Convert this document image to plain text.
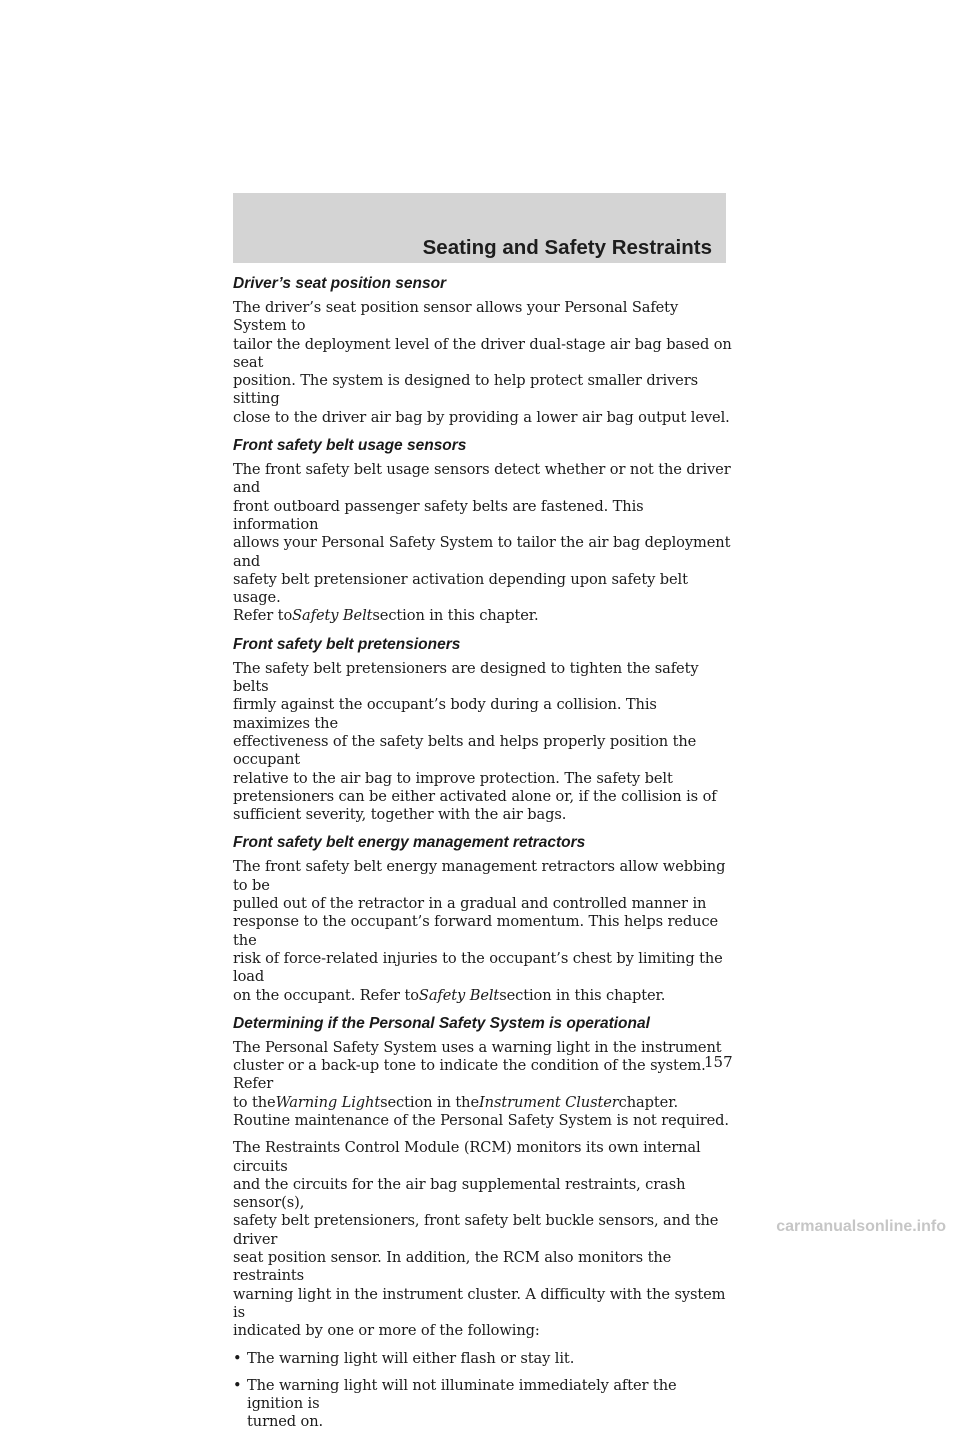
Seating and Safety Restraints
Driver’s seat position sensor

The driver’s seat position sensor allows your Personal Safety System to
tailor the deployment level of the driver dual-stage air bag based on seat
position. The system is designed to help protect smaller drivers sitting
close to the driver air bag by providing a lower air bag output level.

Front safety belt usage sensors

The front safety belt usage sensors detect whether or not the driver and
front outboard passenger safety belts are fastened. This information
allows your Personal Safety System to tailor the air bag deployment and
safety belt pretensioner activation depending upon safety belt usage.
Refer toSafety Beltsection in this chapter.

Front safety belt pretensioners

The safety belt pretensioners are designed to tighten the safety belts
firmly against the occupant’s body during a collision. This maximizes the
effectiveness of the safety belts and helps properly position the occupant
relative to the air bag to improve protection. The safety belt
pretensioners can be either activated alone or, if the collision is of
sufficient severity, together with the air bags.

Front safety belt energy management retractors

The front safety belt energy management retractors allow webbing to be
pulled out of the retractor in a gradual and controlled manner in
response to the occupant’s forward momentum. This helps reduce the
risk of force-related injuries to the occupant’s chest by limiting the load
on the occupant. Refer toSafety Beltsection in this chapter.

Determining if the Personal Safety System is operational

The Personal Safety System uses a warning light in the instrument
cluster or a back-up tone to indicate the condition of the system. Refer
to theWarning Lightsection in theInstrument Clusterchapter.
Routine maintenance of the Personal Safety System is not required.

The Restraints Control Module (RCM) monitors its own internal circuits
and the circuits for the air bag supplemental restraints, crash sensor(s),
safety belt pretensioners, front safety belt buckle sensors, and the driver
seat position sensor. In addition, the RCM also monitors the restraints
warning light in the instrument cluster. A difficulty with the system is
indicated by one or more of the following:

• The warning light will either flash or stay lit.
• The warning light will not illuminate immediately after the ignition is
turned on.
157
carmanualsonline.info
